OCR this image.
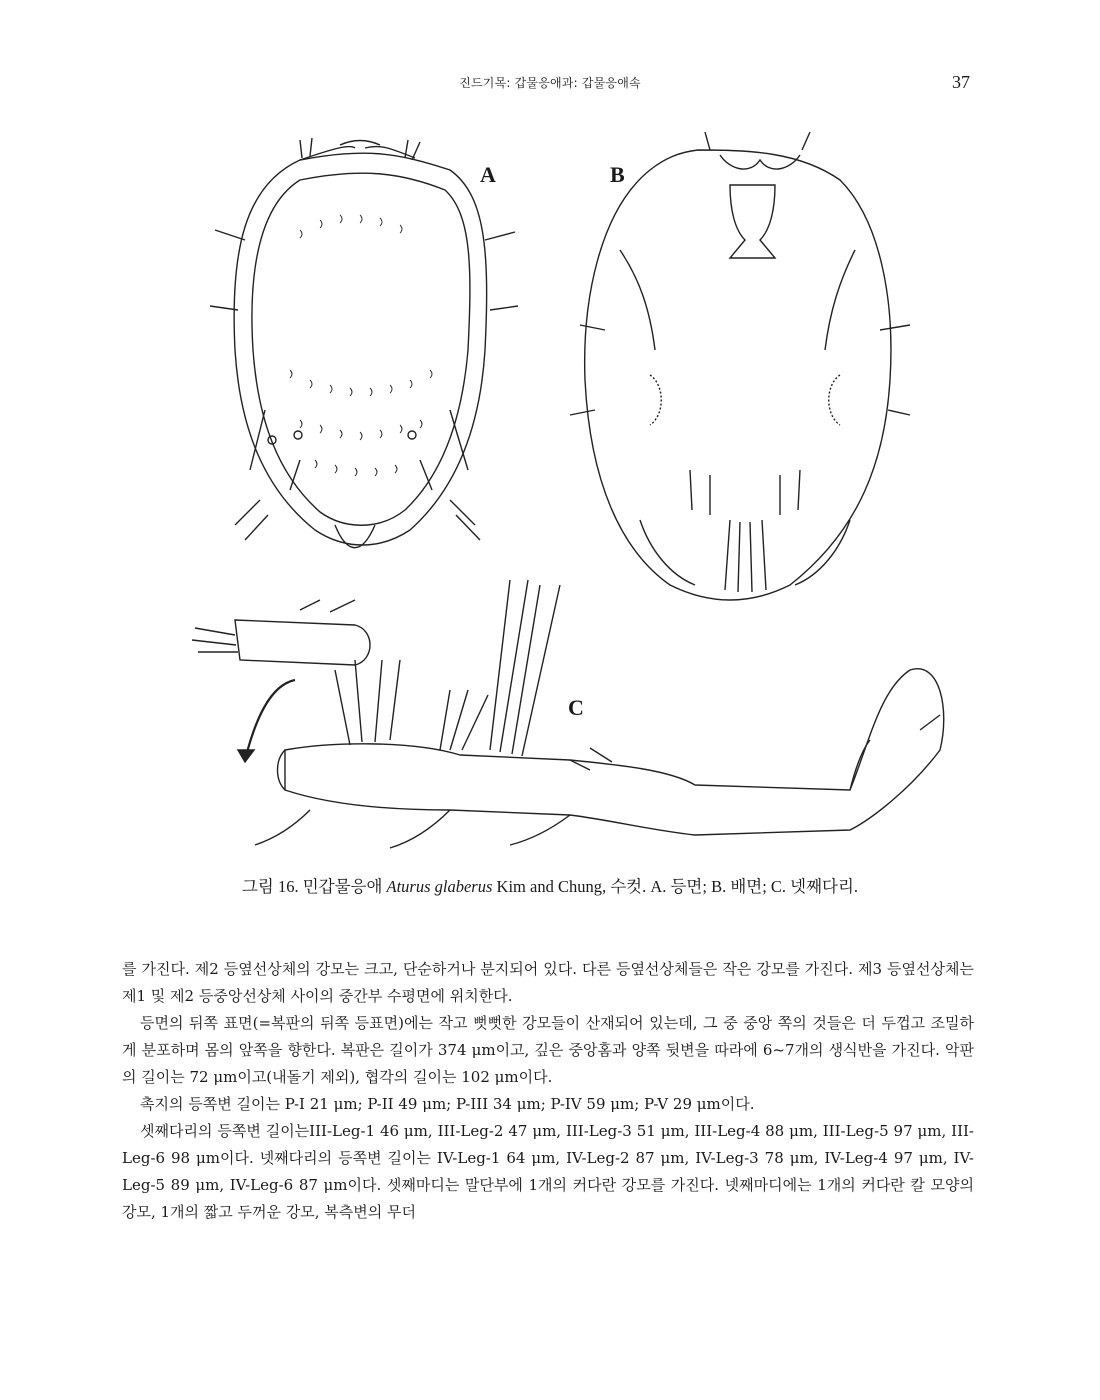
진드기목: 갑물응애과: 갑물응애속	37
A	B
C
그림 16. 민갑물응애 Aturus glaberus Kim and Chung, 수컷. A. 등면; B. 배면; C. 넷째다리.

를 가진다. 제2 등옆선상체의 강모는 크고, 단순하거나 분지되어 있다. 다른 등옆선상체들은 작은 강모를 가진다. 제3 등옆선상체는 제1 및 제2 등중앙선상체 사이의 중간부 수평면에 위치한다.

등면의 뒤쪽 표면(=복판의 뒤쪽 등표면)에는 작고 뻣뻣한 강모들이 산재되어 있는데, 그 중 중앙 쪽의 것들은 더 두껍고 조밀하게 분포하며 몸의 앞쪽을 향한다. 복판은 길이가 374 μm이고, 깊은 중앙홈과 양쪽 뒷변을 따라에 6~7개의 생식반을 가진다. 악판의 길이는 72 μm이고(내돌기 제외), 협각의 길이는 102 μm이다.

촉지의 등쪽변 길이는 P-I 21 μm; P-II 49 μm; P-III 34 μm; P-IV 59 μm; P-V 29 μm이다.

셋째다리의 등쪽변 길이는III-Leg-1 46 μm, III-Leg-2 47 μm, III-Leg-3 51 μm, III-Leg-4 88 μm, III-Leg-5 97 μm, III-Leg-6 98 μm이다. 넷째다리의 등쪽변 길이는 IV-Leg-1 64 μm, IV-Leg-2 87 μm, IV-Leg-3 78 μm, IV-Leg-4 97 μm, IV-Leg-5 89 μm, IV-Leg-6 87 μm이다. 셋째마디는 말단부에 1개의 커다란 강모를 가진다. 넷째마디에는 1개의 커다란 칼 모양의 강모, 1개의 짧고 두꺼운 강모, 복측변의 무더
